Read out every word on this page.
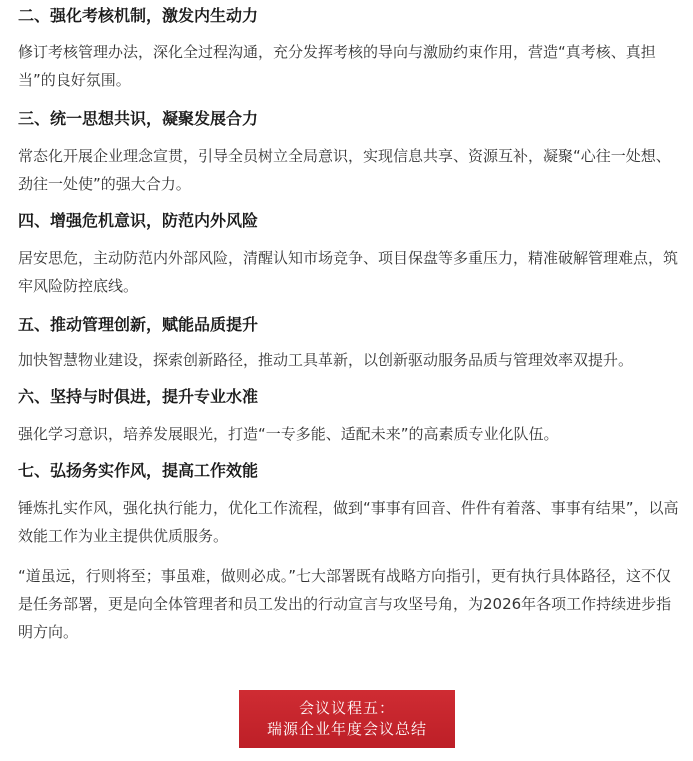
二、强化考核机制，激发内生动力

修订考核管理办法，深化全过程沟通，充分发挥考核的导向与激励约束作用，营造“真考核、真担当”的良好氛围。

三、统一思想共识，凝聚发展合力

常态化开展企业理念宣贯，引导全员树立全局意识，实现信息共享、资源互补，凝聚“心往一处想、劲往一处使”的强大合力。

四、增强危机意识，防范内外风险

居安思危，主动防范内外部风险，清醒认知市场竞争、项目保盘等多重压力，精准破解管理难点，筑牢风险防控底线。

五、推动管理创新，赋能品质提升

加快智慧物业建设，探索创新路径，推动工具革新，以创新驱动服务品质与管理效率双提升。

六、坚持与时俱进，提升专业水准

强化学习意识，培养发展眼光，打造“一专多能、适配未来”的高素质专业化队伍。

七、弘扬务实作风，提高工作效能

锤炼扎实作风，强化执行能力，优化工作流程，做到“事事有回音、件件有着落、事事有结果”，以高效能工作为业主提供优质服务。

“道虽远，行则将至；事虽难，做则必成。”七大部署既有战略方向指引，更有执行具体路径，这不仅是任务部署，更是向全体管理者和员工发出的行动宣言与攻坚号角，为2026年各项工作持续进步指明方向。

会议议程五：
瑞源企业年度会议总结
